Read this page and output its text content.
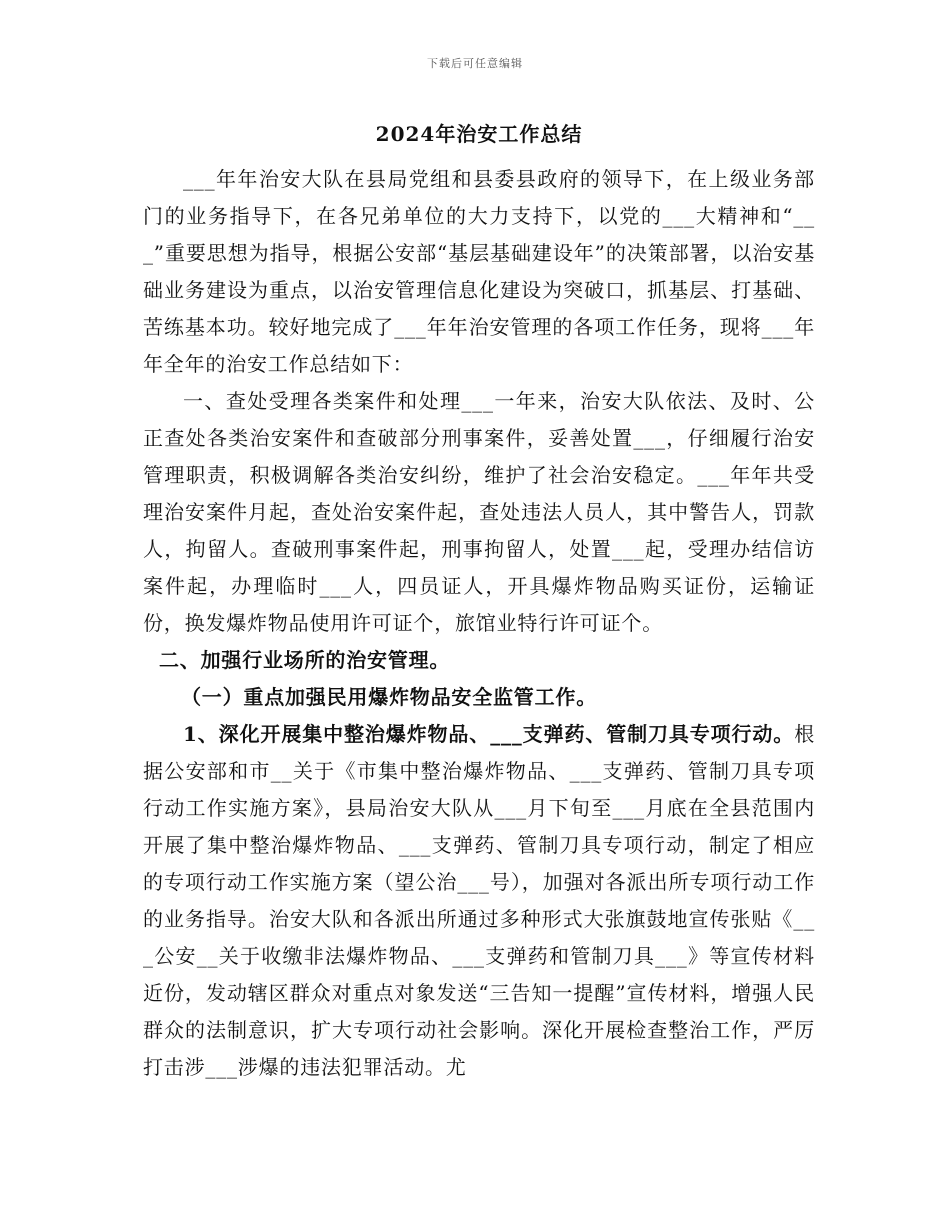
下载后可任意编辑
2024年治安工作总结

___年年治安大队在县局党组和县委县政府的领导下，在上级业务部门的业务指导下，在各兄弟单位的大力支持下，以党的___大精神和“___”重要思想为指导，根据公安部“基层基础建设年”的决策部署，以治安基础业务建设为重点，以治安管理信息化建设为突破口，抓基层、打基础、苦练基本功。较好地完成了___年年治安管理的各项工作任务，现将___年年全年的治安工作总结如下：

一、查处受理各类案件和处理___一年来，治安大队依法、及时、公正查处各类治安案件和查破部分刑事案件，妥善处置___，仔细履行治安管理职责，积极调解各类治安纠纷，维护了社会治安稳定。___年年共受理治安案件月起，查处治安案件起，查处违法人员人，其中警告人，罚款人，拘留人。查破刑事案件起，刑事拘留人，处置___起，受理办结信访案件起，办理临时___人，四员证人，开具爆炸物品购买证份，运输证份，换发爆炸物品使用许可证个，旅馆业特行许可证个。

二、加强行业场所的治安管理。

（一）重点加强民用爆炸物品安全监管工作。

1、深化开展集中整治爆炸物品、___支弹药、管制刀具专项行动。根据公安部和市__关于《市集中整治爆炸物品、___支弹药、管制刀具专项行动工作实施方案》，县局治安大队从___月下旬至___月底在全县范围内开展了集中整治爆炸物品、___支弹药、管制刀具专项行动，制定了相应的专项行动工作实施方案（望公治___号），加强对各派出所专项行动工作的业务指导。治安大队和各派出所通过多种形式大张旗鼓地宣传张贴《___公安__关于收缴非法爆炸物品、___支弹药和管制刀具___》等宣传材料近份，发动辖区群众对重点对象发送“三告知一提醒”宣传材料，增强人民群众的法制意识，扩大专项行动社会影响。深化开展检查整治工作，严厉打击涉___涉爆的违法犯罪活动。尤
